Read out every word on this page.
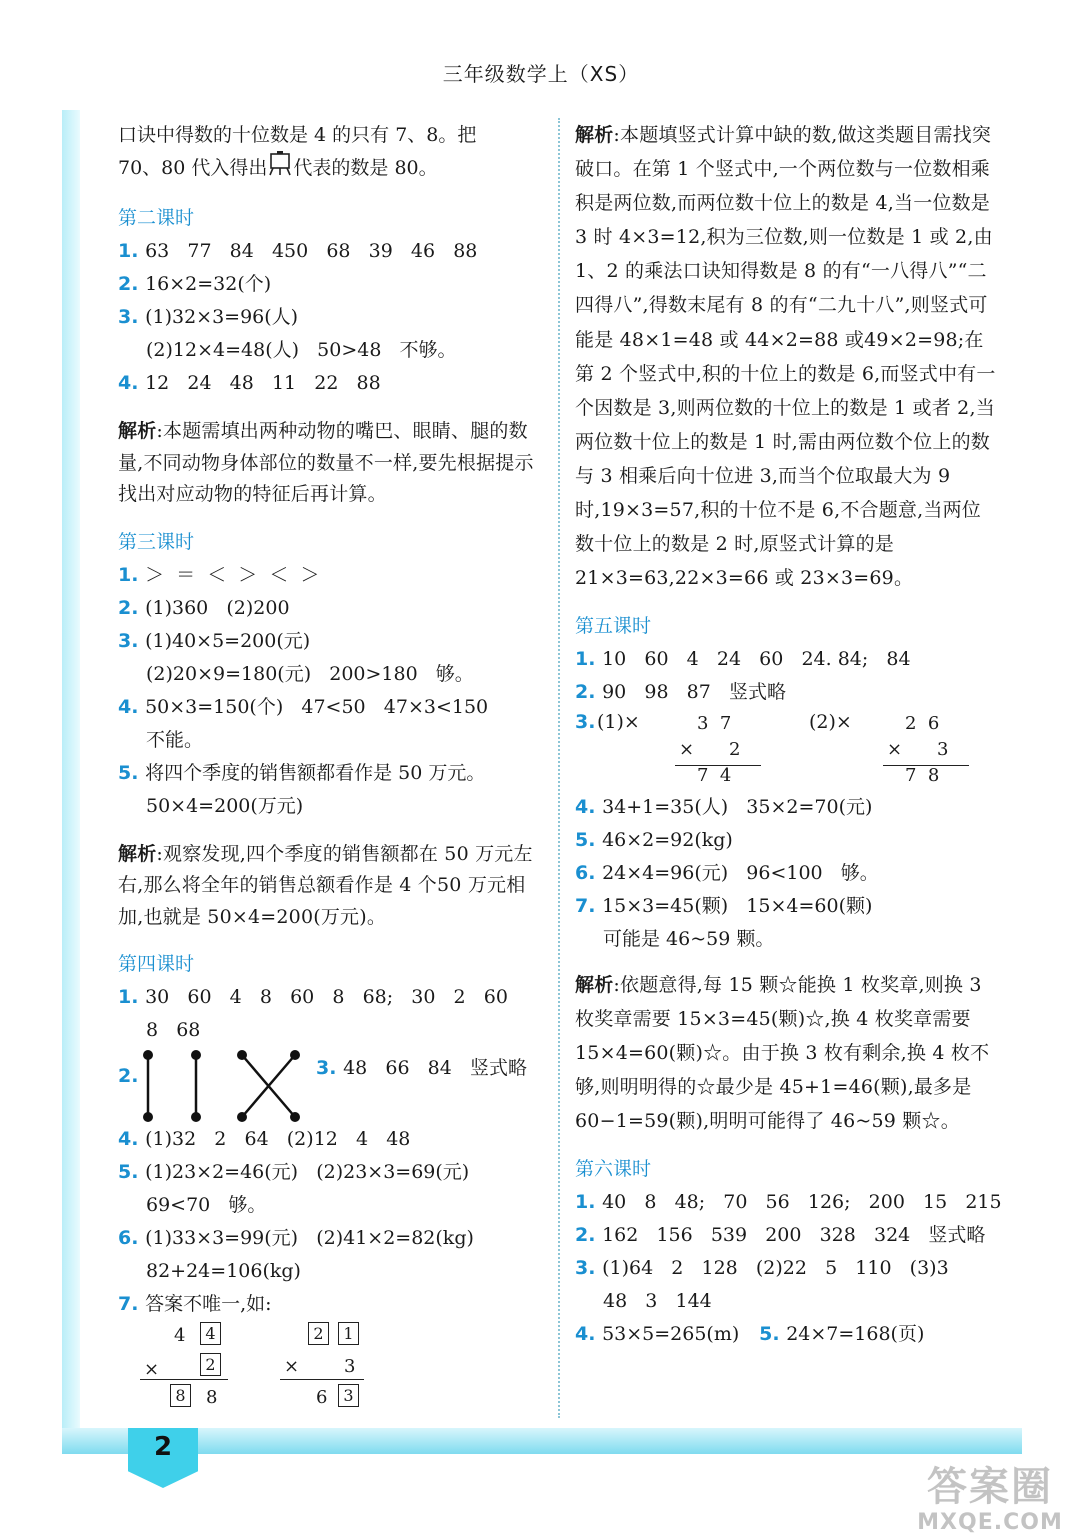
2
三年级数学上（XS）
口诀中得数的十位数是 4 的只有 7、8。把
70、80 代入得出 代表的数是 80。
第二课时
1. 63   77   84   450   68   39   46   88
2. 16×2=32(个)
3. (1)32×3=96(人)
(2)12×4=48(人)   50>48   不够。
4. 12   24   48   11   22   88
解析:本题需填出两种动物的嘴巴、眼睛、腿的数量,不同动物身体部位的数量不一样,要先根据提示找出对应动物的特征后再计算。
第三课时
1. ＞  ＝  ＜  ＞  ＜  ＞
2. (1)360   (2)200
3. (1)40×5=200(元)
(2)20×9=180(元)   200>180   够。
4. 50×3=150(个)   47<50   47×3<150
不能。
5. 将四个季度的销售额都看作是 50 万元。
50×4=200(万元)
解析:观察发现,四个季度的销售额都在 50 万元左右,那么将全年的销售总额看作是 4 个50 万元相加,也就是 50×4=200(万元)。
第四课时
1. 30   60   4   8   60   8   68;   30   2   60
8   68
2.	3. 48   66   84   竖式略
4. (1)32   2   64   (2)12   4   48
5. (1)23×2=46(元)   (2)23×3=69(元)
69<70   够。
6. (1)33×3=99(元)   (2)41×2=82(kg)
82+24=106(kg)
7. 答案不唯一,如:
4	4
×	2
8	8
2	1
× 3
6 3
解析:本题填竖式计算中缺的数,做这类题目需找突破口。在第 1 个竖式中,一个两位数与一位数相乘积是两位数,而两位数十位上的数是 4,当一位数是 3 时 4×3=12,积为三位数,则一位数是 1 或 2,由 1、2 的乘法口诀知得数是 8 的有“一八得八”“二四得八”,得数末尾有 8 的有“二九十八”,则竖式可能是 48×1=48 或 44×2=88 或49×2=98;在第 2 个竖式中,积的十位上的数是 6,而竖式中有一个因数是 3,则两位数的十位上的数是 1 或者 2,当两位数十位上的数是 1 时,需由两位数个位上的数与 3 相乘后向十位进 3,而当个位取最大为 9 时,19×3=57,积的十位不是 6,不合题意,当两位数十位上的数是 2 时,原竖式计算的是 21×3=63,22×3=66 或 23×3=69。
第五课时
1. 10   60   4   24   60   24. 84;   84
2. 90   98   87   竖式略
3. (1)×	3  7
× 2
7  4
(2)×	2  6
× 3
7  8
4. 34+1=35(人)   35×2=70(元)
5. 46×2=92(kg)
6. 24×4=96(元)   96<100   够。
7. 15×3=45(颗)   15×4=60(颗)
可能是 46~59 颗。
解析:依题意得,每 15 颗☆能换 1 枚奖章,则换 3 枚奖章需要 15×3=45(颗)☆,换 4 枚奖章需要 15×4=60(颗)☆。由于换 3 枚有剩余,换 4 枚不够,则明明得的☆最少是 45+1=46(颗),最多是 60−1=59(颗),明明可能得了 46~59 颗☆。
第六课时
1. 40   8   48;   70   56   126;   200   15   215
2. 162   156   539   200   328   324   竖式略
3. (1)64   2   128   (2)22   5   110   (3)3
48   3   144
4. 53×5=265(m) 5. 24×7=168(页)
答案圈
MXQE.COM
